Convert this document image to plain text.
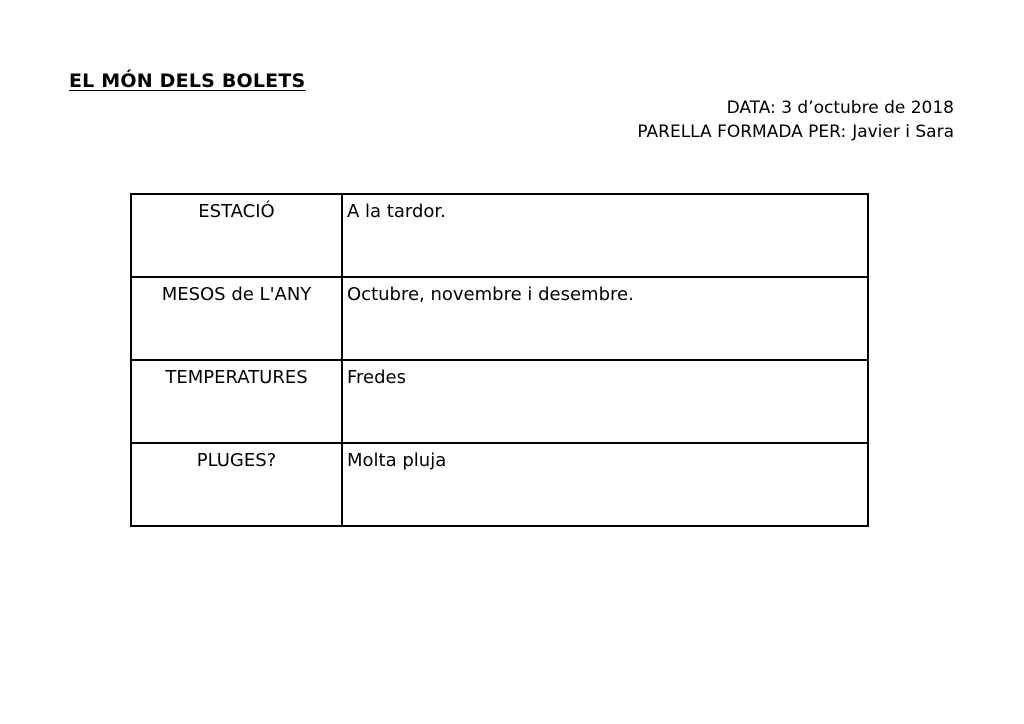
EL MÓN DELS BOLETS
DATA: 3 d’octubre de 2018
PARELLA FORMADA PER: Javier i Sara
ESTACIÓ	A la tardor.
MESOS de L'ANY	Octubre, novembre i desembre.
TEMPERATURES	Fredes
PLUGES?	Molta pluja
